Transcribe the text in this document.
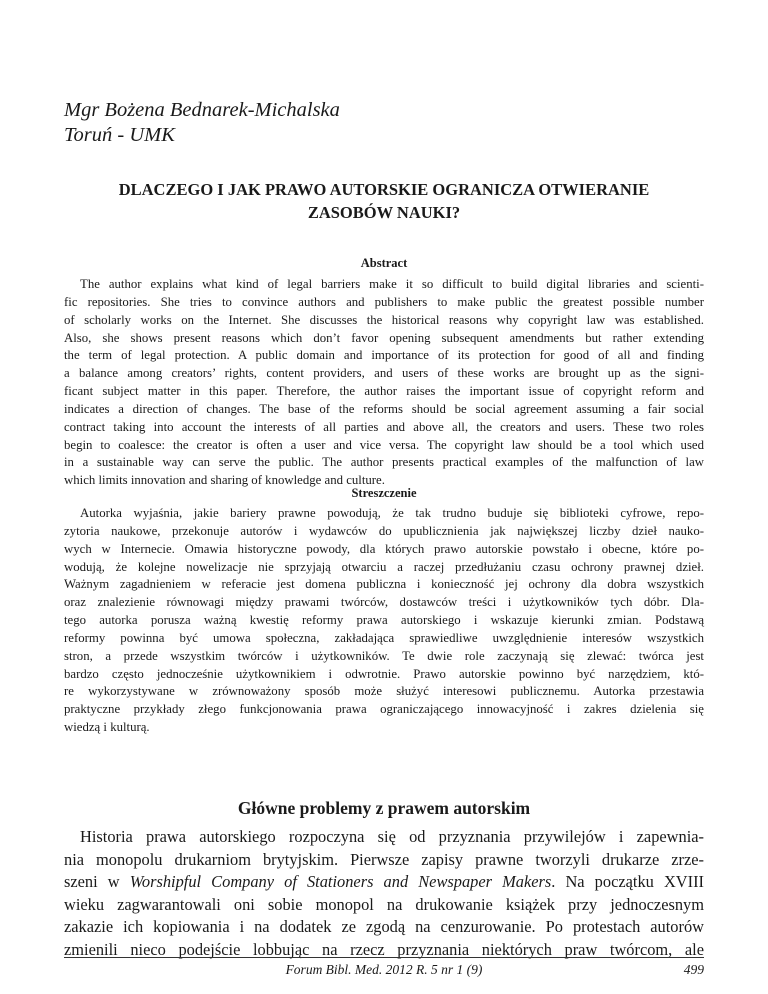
Mgr Bożena Bednarek-Michalska

Toruń - UMK

DLACZEGO I JAK PRAWO AUTORSKIE OGRANICZA OTWIERANIE
ZASOBÓW NAUKI?
Abstract
The author explains what kind of legal barriers make it so difficult to build digital libraries and scienti-
fic repositories. She tries to convince authors and publishers to make public the greatest possible number
of scholarly works on the Internet. She discusses the historical reasons why copyright law was established.
Also, she shows present reasons which don’t favor opening subsequent amendments but rather extending
the term of legal protection. A public domain and importance of its protection for good of all and finding
a balance among creators’ rights, content providers, and users of these works are brought up as the signi-
ficant subject matter in this paper. Therefore, the author raises the important issue of copyright reform and
indicates a direction of changes. The base of the reforms should be social agreement assuming a fair social
contract taking into account the interests of all parties and above all, the creators and users. These two roles
begin to coalesce: the creator is often a user and vice versa. The copyright law should be a tool which used
in a sustainable way can serve the public. The author presents practical examples of the malfunction of law
which limits innovation and sharing of knowledge and culture.
Streszczenie
Autorka wyjaśnia, jakie bariery prawne powodują, że tak trudno buduje się biblioteki cyfrowe, repo-
zytoria naukowe, przekonuje autorów i wydawców do upublicznienia jak największej liczby dzieł nauko-
wych w Internecie. Omawia historyczne powody, dla których prawo autorskie powstało i obecne, które po-
wodują, że kolejne nowelizacje nie sprzyjają otwarciu a raczej przedłużaniu czasu ochrony prawnej dzieł.
Ważnym zagadnieniem w referacie jest domena publiczna i konieczność jej ochrony dla dobra wszystkich
oraz znalezienie równowagi między prawami twórców, dostawców treści i użytkowników tych dóbr. Dla-
tego autorka porusza ważną kwestię reformy prawa autorskiego i wskazuje kierunki zmian. Podstawą
reformy powinna być umowa społeczna, zakładająca sprawiedliwe uwzględnienie interesów wszystkich
stron, a przede wszystkim twórców i użytkowników. Te dwie role zaczynają się zlewać: twórca jest
bardzo często jednocześnie użytkownikiem i odwrotnie. Prawo autorskie powinno być narzędziem, któ-
re wykorzystywane w zrównoważony sposób może służyć interesowi publicznemu. Autorka przestawia
praktyczne przykłady złego funkcjonowania prawa ograniczającego innowacyjność i zakres dzielenia się
wiedzą i kulturą.
Główne problemy z prawem autorskim
Historia prawa autorskiego rozpoczyna się od przyznania przywilejów i zapewnia-
nia monopolu drukarniom brytyjskim. Pierwsze zapisy prawne tworzyli drukarze zrze-
szeni w Worshipful Company of Stationers and Newspaper Makers. Na początku XVIII
wieku zagwarantowali oni sobie monopol na drukowanie książek przy jednoczesnym
zakazie ich kopiowania i na dodatek ze zgodą na cenzurowanie. Po protestach autorów
zmienili nieco podejście lobbując na rzecz przyznania niektórych praw twórcom, ale
Forum Bibl. Med. 2012 R. 5 nr 1 (9)	499
